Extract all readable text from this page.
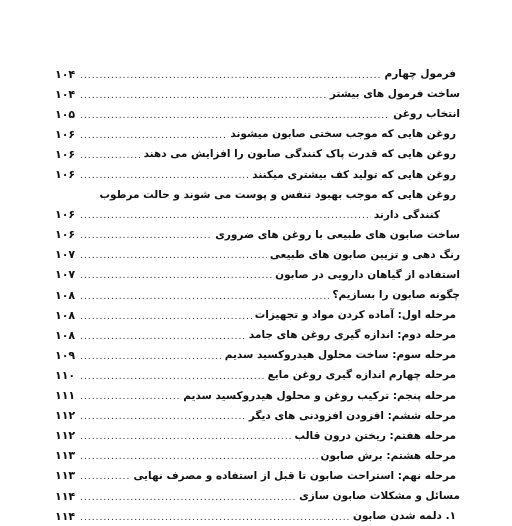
۱۰۴ .....	فرمول چهارم
۱۰۴ .....	ساخت فرمول های بیشتر
۱۰۵ .....	انتخاب روغن
۱۰۶ .....	روغن هایی که موجب سختی صابون میشوند
۱۰۶ .....	روغن هایی که قدرت پاک کنندگی صابون را افزایش می دهند
۱۰۶ .....	روغن هایی که تولید کف بیشتری میکنند
روغن هایی که موجب بهبود تنفس و پوست می شوند و حالت مرطوب
۱۰۶ .....	کنندگی دارند
۱۰۶ .....	ساخت صابون های طبیعی با روغن های ضروری
۱۰۷ .....	رنگ دهی و تزیین صابون های طبیعی
۱۰۷ .....	استفاده از گیاهان دارویی در صابون
۱۰۸ .....	چگونه صابون را بسازیم؟
۱۰۸ .....	مرحله اول: آماده کردن مواد و تجهیزات
۱۰۸ .....	مرحله دوم: اندازه گیری روغن های جامد
۱۰۹ .....	مرحله سوم: ساخت محلول هیدروکسید سدیم
۱۱۰ .....	مرحله چهارم اندازه گیری روغن مایع
۱۱۱ .....	مرحله پنجم: ترکیب روغن و محلول هیدروکسید سدیم
۱۱۲ .....	مرحله ششم: افزودن افزودنی های دیگر
۱۱۲ .....	مرحله هفتم: ریختن درون قالب
۱۱۳ .....	مرحله هشتم: برش صابون
۱۱۳ .....	مرحله نهم: استراحت صابون تا قبل از استفاده و مصرف نهایی
۱۱۴ .....	مسائل و مشکلات صابون سازی
۱۱۴ .....	۱. دلمه شدن صابون
